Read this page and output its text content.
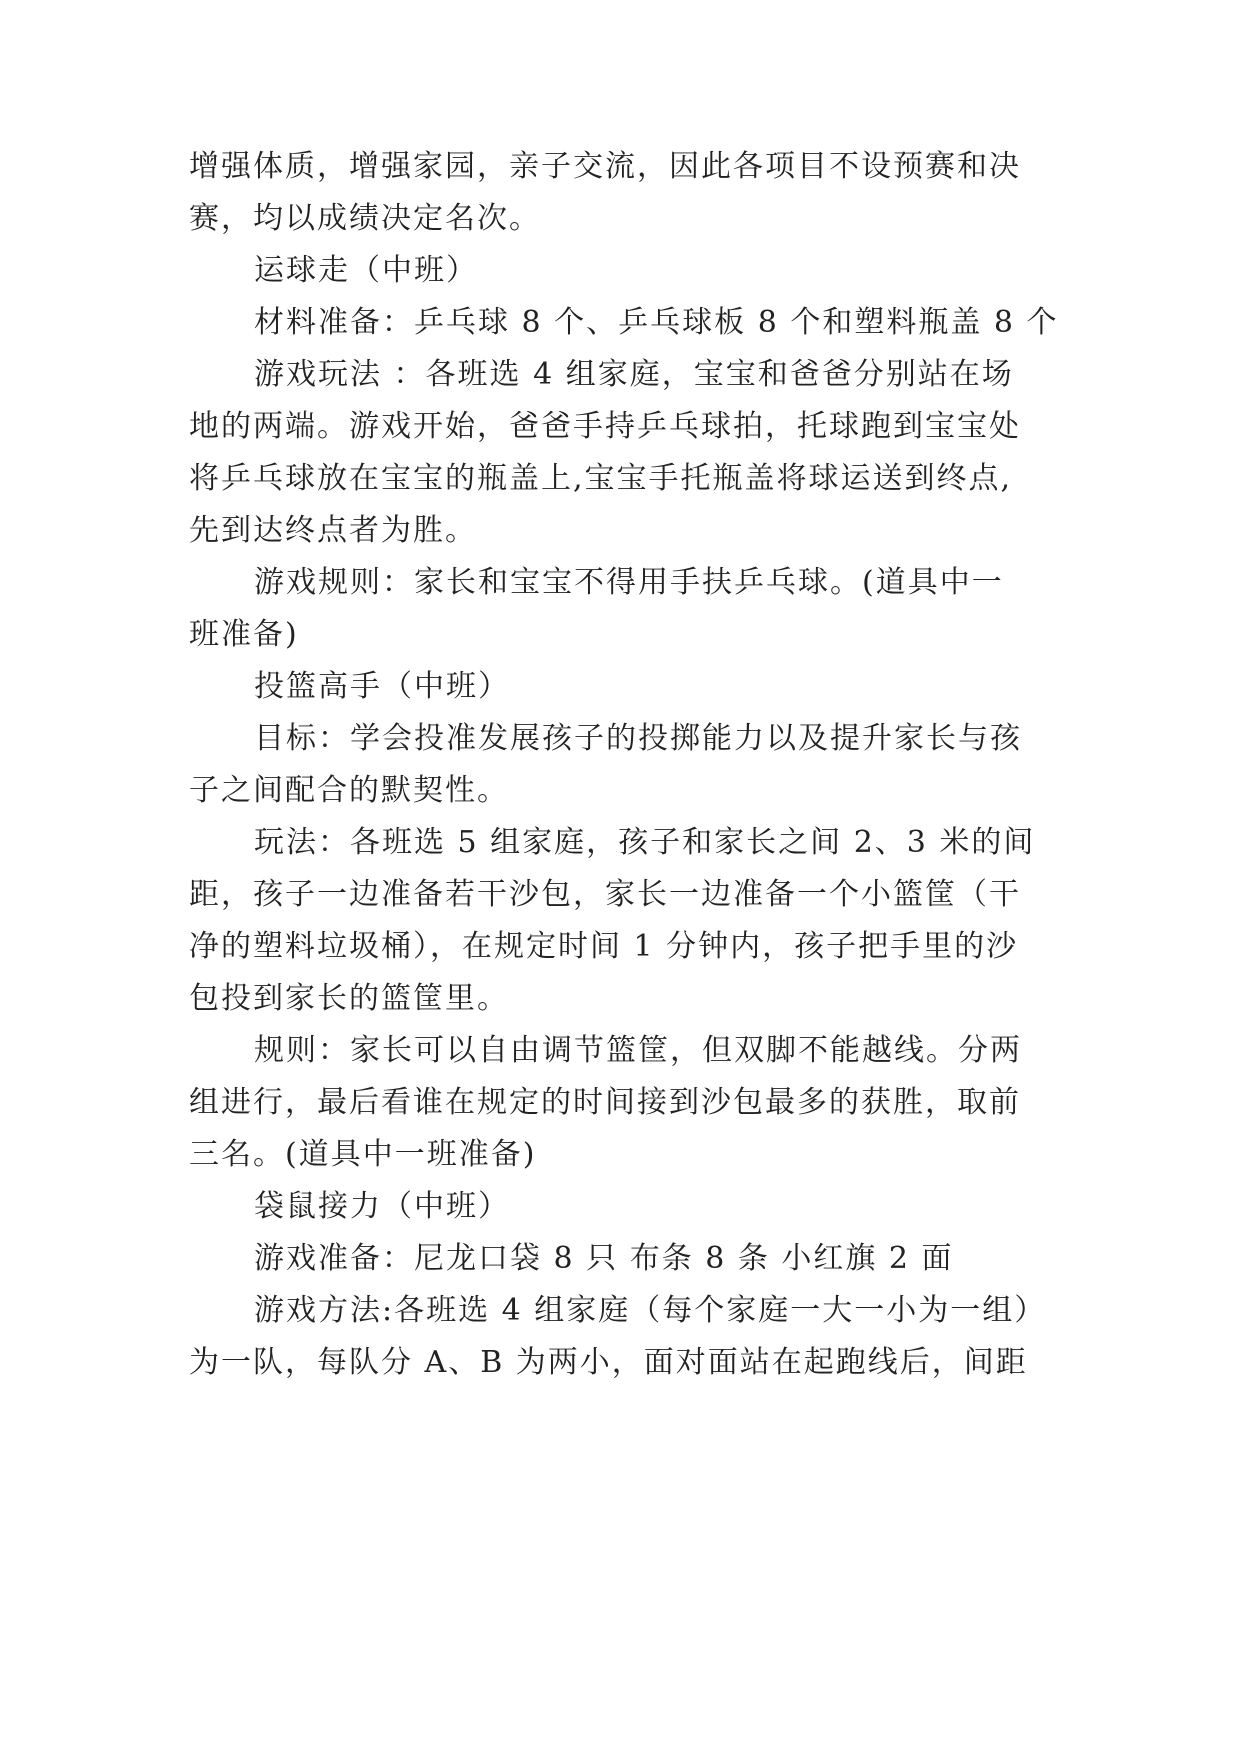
增强体质，增强家园，亲子交流，因此各项目不设预赛和决
赛，均以成绩决定名次。
运球走（中班）
材料准备：乒乓球 8 个、乒乓球板 8 个和塑料瓶盖 8 个
游戏玩法 ：各班选 4 组家庭，宝宝和爸爸分别站在场
地的两端。游戏开始，爸爸手持乒乓球拍，托球跑到宝宝处
将乒乓球放在宝宝的瓶盖上,宝宝手托瓶盖将球运送到终点,
先到达终点者为胜。
游戏规则：家长和宝宝不得用手扶乒乓球。(道具中一
班准备)
投篮高手（中班）
目标：学会投准发展孩子的投掷能力以及提升家长与孩
子之间配合的默契性。
玩法：各班选 5 组家庭，孩子和家长之间 2、3 米的间
距，孩子一边准备若干沙包，家长一边准备一个小篮筐（干
净的塑料垃圾桶），在规定时间 1 分钟内，孩子把手里的沙
包投到家长的篮筐里。
规则：家长可以自由调节篮筐，但双脚不能越线。分两
组进行，最后看谁在规定的时间接到沙包最多的获胜，取前
三名。(道具中一班准备)
袋鼠接力（中班）
游戏准备：尼龙口袋 8 只 布条 8 条 小红旗 2 面
游戏方法:各班选 4 组家庭（每个家庭一大一小为一组）
为一队，每队分 A、B 为两小，面对面站在起跑线后，间距
